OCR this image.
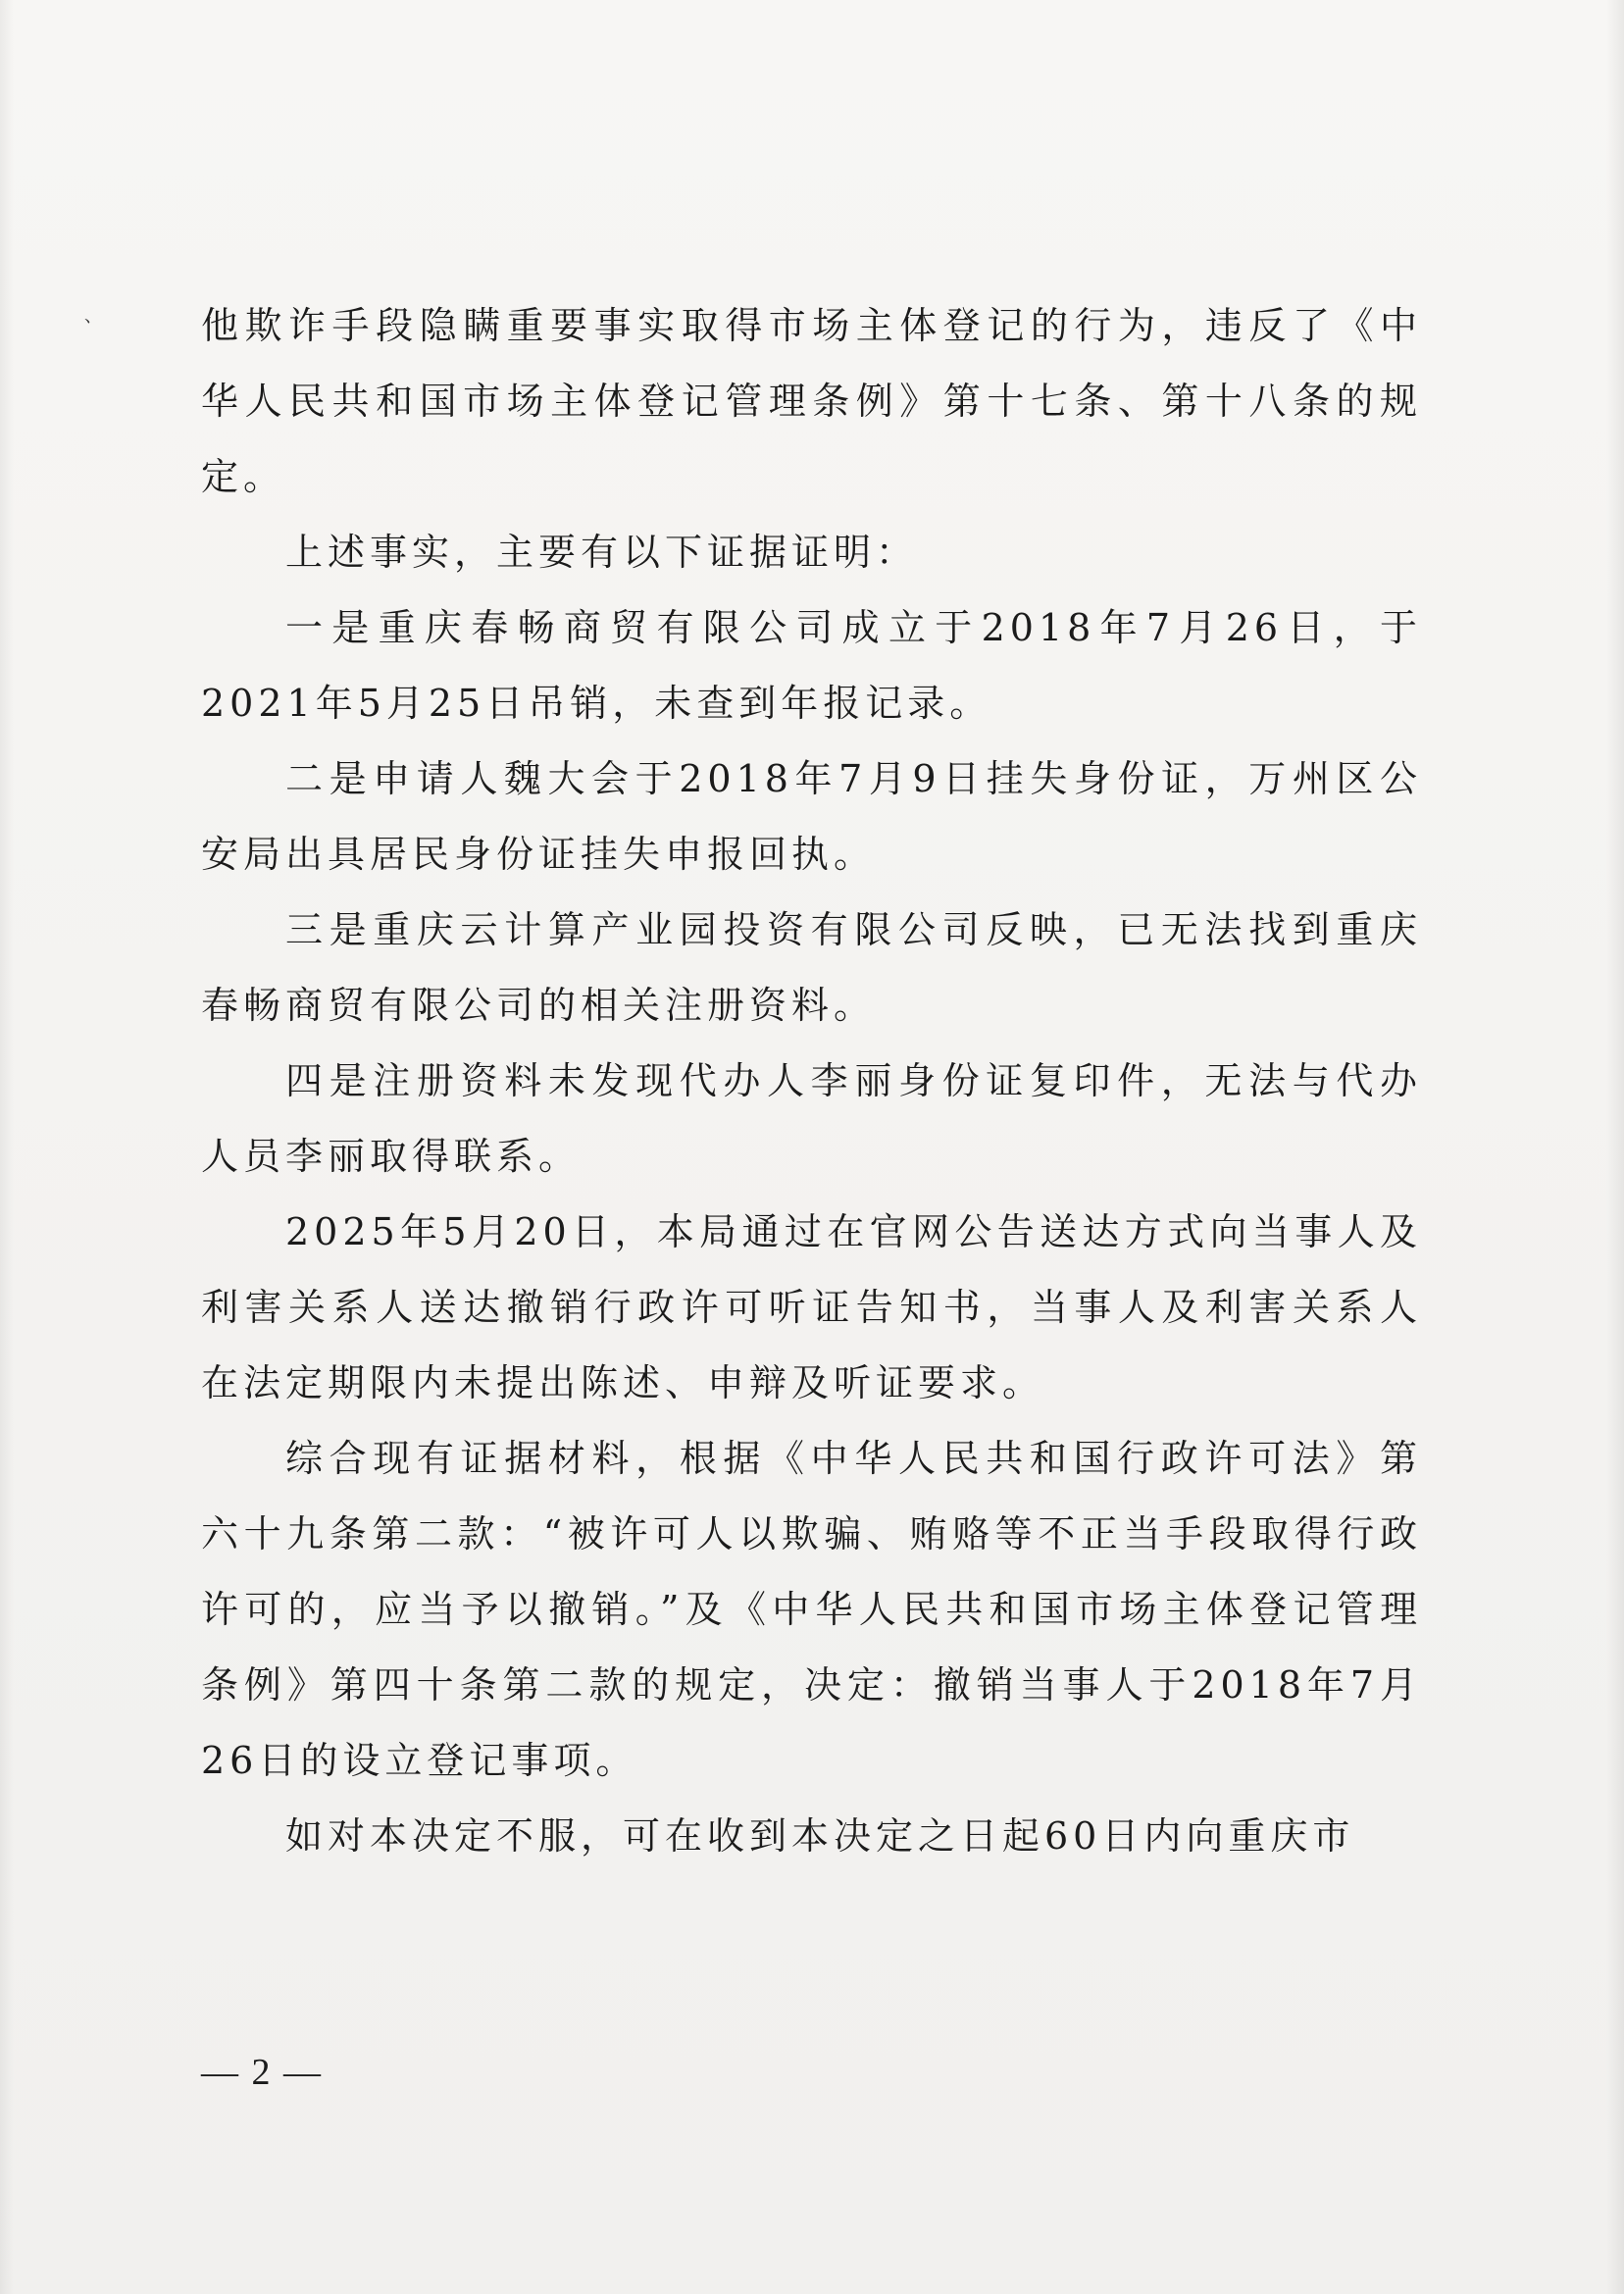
、	他欺诈手段隐瞒重要事实取得市场主体登记的行为，违反了《中华人民共和国市场主体登记管理条例》第十七条、第十八条的规定。

上述事实，主要有以下证据证明：

一是重庆春畅商贸有限公司成立于2018年7月26日，于2021年5月25日吊销，未查到年报记录。

二是申请人魏大会于2018年7月9日挂失身份证，万州区公安局出具居民身份证挂失申报回执。

三是重庆云计算产业园投资有限公司反映，已无法找到重庆春畅商贸有限公司的相关注册资料。

四是注册资料未发现代办人李丽身份证复印件，无法与代办人员李丽取得联系。

2025年5月20日，本局通过在官网公告送达方式向当事人及利害关系人送达撤销行政许可听证告知书，当事人及利害关系人在法定期限内未提出陈述、申辩及听证要求。

综合现有证据材料，根据《中华人民共和国行政许可法》第六十九条第二款：“被许可人以欺骗、贿赂等不正当手段取得行政许可的，应当予以撤销。”及《中华人民共和国市场主体登记管理条例》第四十条第二款的规定，决定：撤销当事人于2018年7月26日的设立登记事项。

如对本决定不服，可在收到本决定之日起60日内向重庆市

— 2 —
